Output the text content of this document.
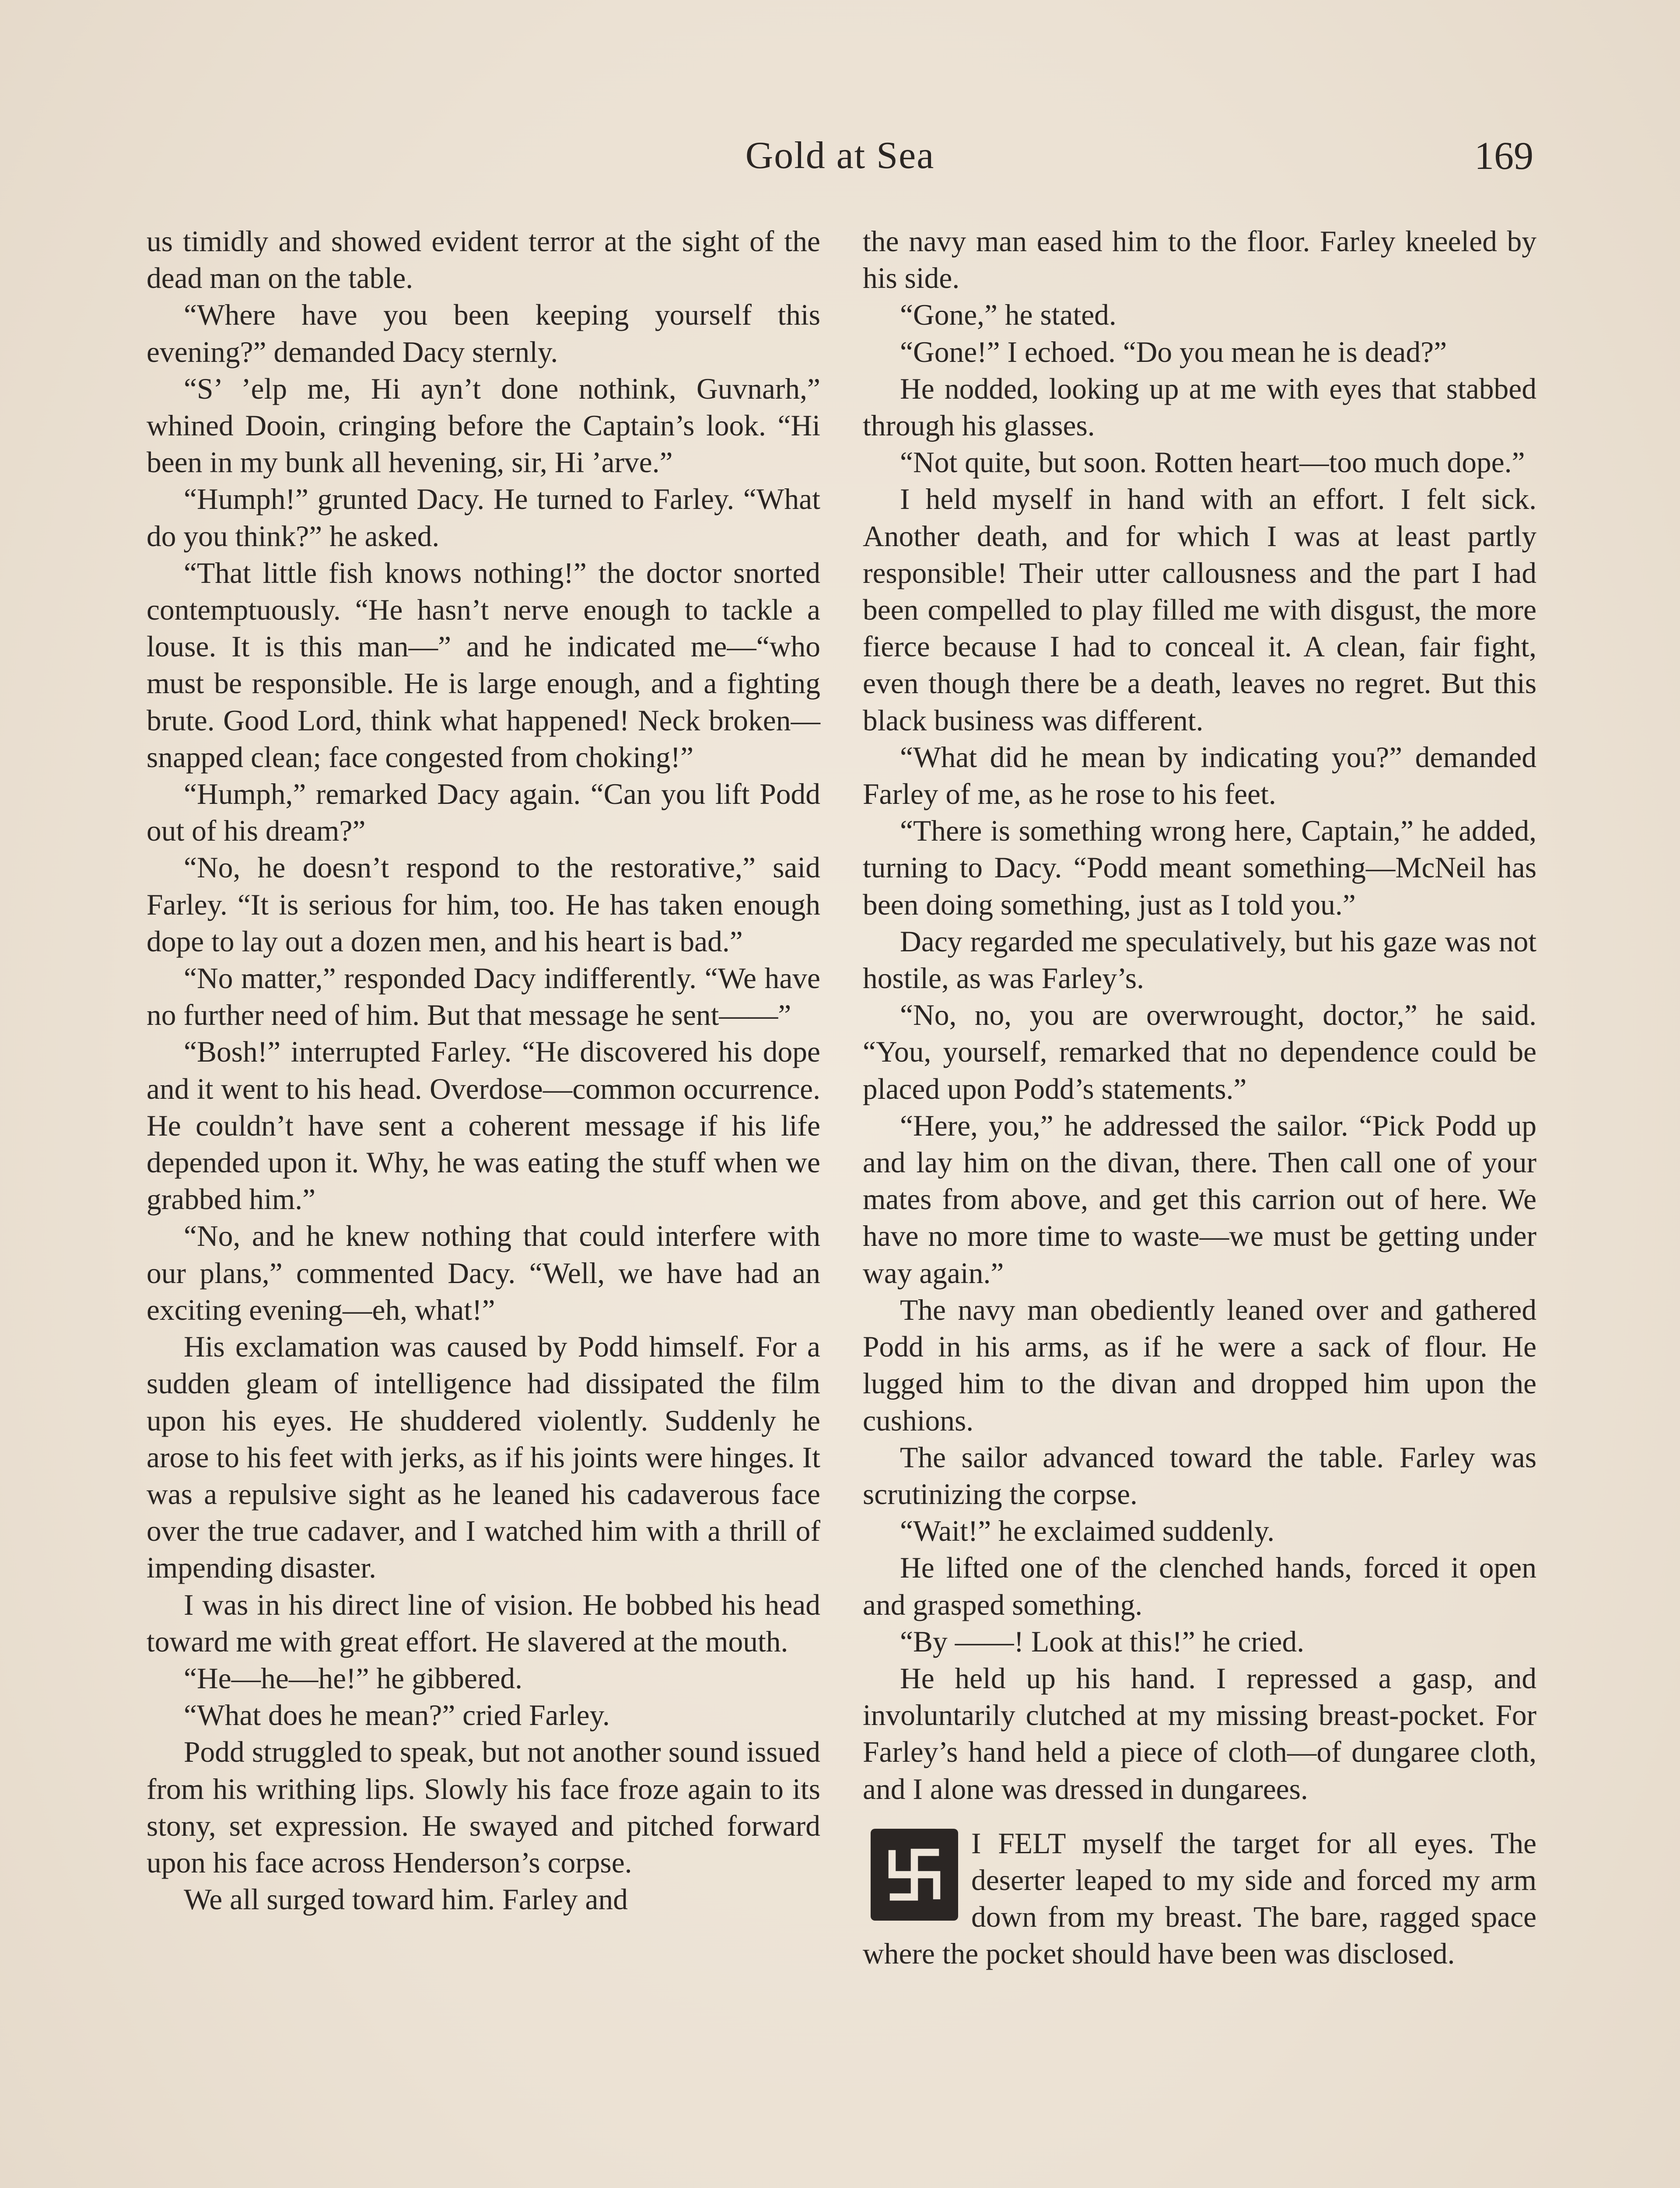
Gold at Sea	169

us timidly and showed evident terror at the sight of the dead man on the table.

“Where have you been keeping yourself this evening?” demanded Dacy sternly.

“S’ ’elp me, Hi ayn’t done nothink, Guvnarh,” whined Dooin, cringing before the Captain’s look. “Hi been in my bunk all hevening, sir, Hi ’arve.”

“Humph!” grunted Dacy. He turned to Farley. “What do you think?” he asked.

“That little fish knows nothing!” the doctor snorted contemptuously. “He hasn’t nerve enough to tackle a louse. It is this man—” and he indicated me—“who must be responsible. He is large enough, and a fighting brute. Good Lord, think what happened! Neck broken—snapped clean; face congested from choking!”

“Humph,” remarked Dacy again. “Can you lift Podd out of his dream?”

“No, he doesn’t respond to the restorative,” said Farley. “It is serious for him, too. He has taken enough dope to lay out a dozen men, and his heart is bad.”

“No matter,” responded Dacy indifferently. “We have no further need of him. But that message he sent——”

“Bosh!” interrupted Farley. “He discovered his dope and it went to his head. Overdose—common occurrence. He couldn’t have sent a coherent message if his life depended upon it. Why, he was eating the stuff when we grabbed him.”

“No, and he knew nothing that could interfere with our plans,” commented Dacy. “Well, we have had an exciting evening—eh, what!”

His exclamation was caused by Podd himself. For a sudden gleam of intelligence had dissipated the film upon his eyes. He shuddered violently. Suddenly he arose to his feet with jerks, as if his joints were hinges. It was a repulsive sight as he leaned his cadaverous face over the true cadaver, and I watched him with a thrill of impending disaster.

I was in his direct line of vision. He bobbed his head toward me with great effort. He slavered at the mouth.

“He—he—he!” he gibbered.

“What does he mean?” cried Farley.

Podd struggled to speak, but not another sound issued from his writhing lips. Slowly his face froze again to its stony, set expression. He swayed and pitched forward upon his face across Henderson’s corpse.

We all surged toward him. Farley and

the navy man eased him to the floor. Farley kneeled by his side.

“Gone,” he stated.

“Gone!” I echoed. “Do you mean he is dead?”

He nodded, looking up at me with eyes that stabbed through his glasses.

“Not quite, but soon. Rotten heart—too much dope.”

I held myself in hand with an effort. I felt sick. Another death, and for which I was at least partly responsible! Their utter callousness and the part I had been compelled to play filled me with disgust, the more fierce because I had to conceal it. A clean, fair fight, even though there be a death, leaves no regret. But this black business was different.

“What did he mean by indicating you?” demanded Farley of me, as he rose to his feet.

“There is something wrong here, Captain,” he added, turning to Dacy. “Podd meant something—McNeil has been doing something, just as I told you.”

Dacy regarded me speculatively, but his gaze was not hostile, as was Farley’s.

“No, no, you are overwrought, doctor,” he said. “You, yourself, remarked that no dependence could be placed upon Podd’s statements.”

“Here, you,” he addressed the sailor. “Pick Podd up and lay him on the divan, there. Then call one of your mates from above, and get this carrion out of here. We have no more time to waste—we must be getting under way again.”

The navy man obediently leaned over and gathered Podd in his arms, as if he were a sack of flour. He lugged him to the divan and dropped him upon the cushions.

The sailor advanced toward the table. Farley was scrutinizing the corpse.

“Wait!” he exclaimed suddenly.

He lifted one of the clenched hands, forced it open and grasped something.

“By ——! Look at this!” he cried.

He held up his hand. I repressed a gasp, and involuntarily clutched at my missing breast-pocket. For Farley’s hand held a piece of cloth—of dungaree cloth, and I alone was dressed in dungarees.

I FELT myself the target for all eyes. The deserter leaped to my side and forced my arm down from my breast. The bare, ragged space where the pocket should have been was disclosed.
